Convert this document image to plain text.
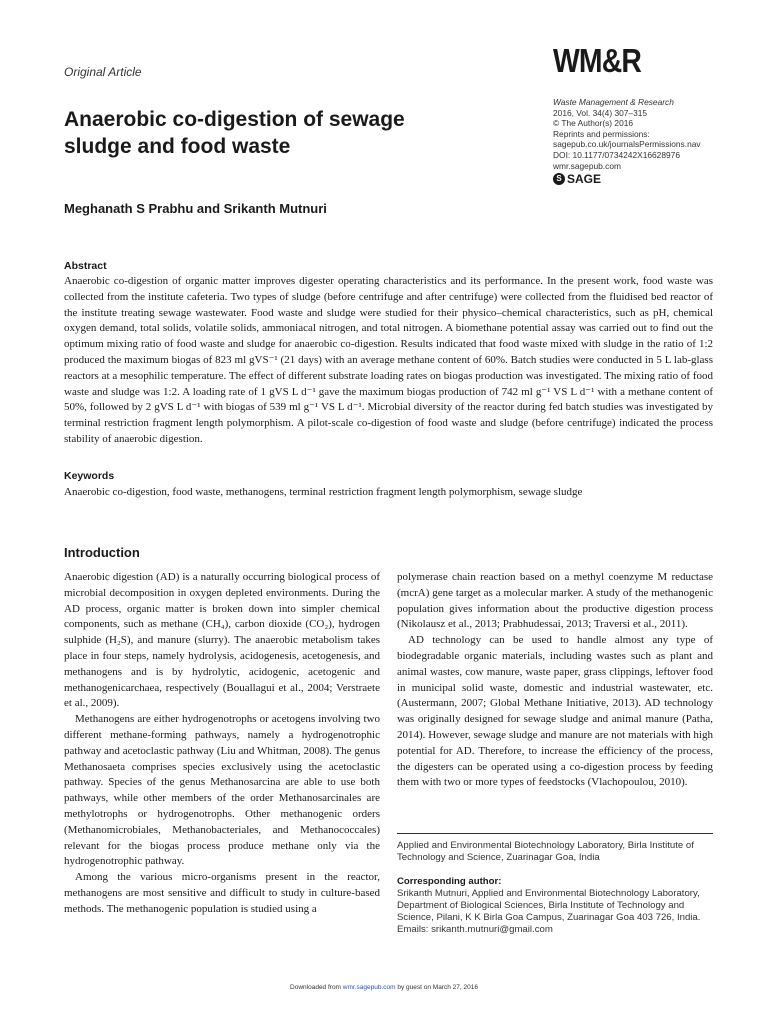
Original Article	WM&R
Anaerobic co-digestion of sewage sludge and food waste
Waste Management & Research
2016, Vol. 34(4) 307–315
© The Author(s) 2016
Reprints and permissions:
sagepub.co.uk/journalsPermissions.nav
DOI: 10.1177/0734242X16628976
wmr.sagepub.com
S SAGE
Meghanath S Prabhu and Srikanth Mutnuri
Abstract
Anaerobic co-digestion of organic matter improves digester operating characteristics and its performance. In the present work, food waste was collected from the institute cafeteria. Two types of sludge (before centrifuge and after centrifuge) were collected from the fluidised bed reactor of the institute treating sewage wastewater. Food waste and sludge were studied for their physico–chemical characteristics, such as pH, chemical oxygen demand, total solids, volatile solids, ammoniacal nitrogen, and total nitrogen. A biomethane potential assay was carried out to find out the optimum mixing ratio of food waste and sludge for anaerobic co-digestion. Results indicated that food waste mixed with sludge in the ratio of 1:2 produced the maximum biogas of 823 ml gVS⁻¹ (21 days) with an average methane content of 60%. Batch studies were conducted in 5 L lab-glass reactors at a mesophilic temperature. The effect of different substrate loading rates on biogas production was investigated. The mixing ratio of food waste and sludge was 1:2. A loading rate of 1 gVS L d⁻¹ gave the maximum biogas production of 742 ml g⁻¹ VS L d⁻¹ with a methane content of 50%, followed by 2 gVS L d⁻¹ with biogas of 539 ml g⁻¹ VS L d⁻¹. Microbial diversity of the reactor during fed batch studies was investigated by terminal restriction fragment length polymorphism. A pilot-scale co-digestion of food waste and sludge (before centrifuge) indicated the process stability of anaerobic digestion.
Keywords
Anaerobic co-digestion, food waste, methanogens, terminal restriction fragment length polymorphism, sewage sludge
Introduction

Anaerobic digestion (AD) is a naturally occurring biological process of microbial decomposition in oxygen depleted environments. During the AD process, organic matter is broken down into simpler chemical components, such as methane (CH₄), carbon dioxide (CO₂), hydrogen sulphide (H₂S), and manure (slurry). The anaerobic metabolism takes place in four steps, namely hydrolysis, acidogenesis, acetogenesis, and methanogens and is by hydrolytic, acidogenic, acetogenic and methanogenicarchaea, respectively (Bouallagui et al., 2004; Verstraete et al., 2009).

Methanogens are either hydrogenotrophs or acetogens involving two different methane-forming pathways, namely a hydrogenotrophic pathway and acetoclastic pathway (Liu and Whitman, 2008). The genus Methanosaeta comprises species exclusively using the acetoclastic pathway. Species of the genus Methanosarcina are able to use both pathways, while other members of the order Methanosarcinales are methylotrophs or hydrogenotrophs. Other methanogenic orders (Methanomicrobiales, Methanobacteriales, and Methanococcales) relevant for the biogas process produce methane only via the hydrogenotrophic pathway.

Among the various micro-organisms present in the reactor, methanogens are most sensitive and difficult to study in culture-based methods. The methanogenic population is studied using a

polymerase chain reaction based on a methyl coenzyme M reductase (mcrA) gene target as a molecular marker. A study of the methanogenic population gives information about the productive digestion process (Nikolausz et al., 2013; Prabhudessai, 2013; Traversi et al., 2011).

AD technology can be used to handle almost any type of biodegradable organic materials, including wastes such as plant and animal wastes, cow manure, waste paper, grass clippings, leftover food in municipal solid waste, domestic and industrial wastewater, etc. (Austermann, 2007; Global Methane Initiative, 2013). AD technology was originally designed for sewage sludge and animal manure (Patha, 2014). However, sewage sludge and manure are not materials with high potential for AD. Therefore, to increase the efficiency of the process, the digesters can be operated using a co-digestion process by feeding them with two or more types of feedstocks (Vlachopoulou, 2010).

Applied and Environmental Biotechnology Laboratory, Birla Institute of Technology and Science, Zuarinagar Goa, India
Corresponding author:
Srikanth Mutnuri, Applied and Environmental Biotechnology Laboratory, Department of Biological Sciences, Birla Institute of Technology and Science, Pilani, K K Birla Goa Campus, Zuarinagar Goa 403 726, India.
Emails: srikanth.mutnuri@gmail.com
Downloaded from wmr.sagepub.com by guest on March 27, 2016
